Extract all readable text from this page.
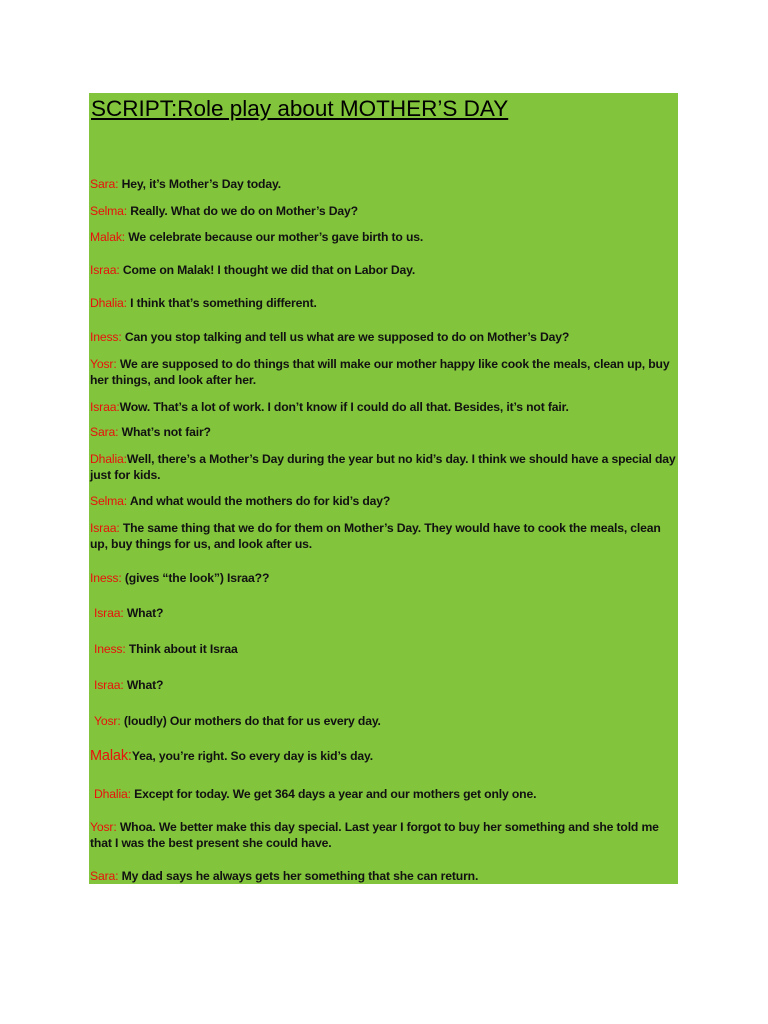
SCRIPT:Role play about MOTHER’S DAY
Sara: Hey, it’s Mother’s Day today.
Selma: Really. What do we do on Mother’s Day?
Malak: We celebrate because our mother’s gave birth to us.
Israa: Come on Malak! I thought we did that on Labor Day.
Dhalia: I think that’s something different.
Iness: Can you stop talking and tell us what are we supposed to do on Mother’s Day?
Yosr: We are supposed to do things that will make our mother happy like cook the meals, clean up, buy her things, and look after her.
Israa:Wow. That’s a lot of work. I don’t know if I could do all that. Besides, it’s not fair.
Sara: What’s not fair?
Dhalia:Well, there’s a Mother’s Day during the year but no kid’s day. I think we should have a special day just for kids.
Selma: And what would the mothers do for kid’s day?
Israa: The same thing that we do for them on Mother’s Day. They would have to cook the meals, clean up, buy things for us, and look after us.
Iness: (gives “the look”) Israa??
Israa: What?
Iness: Think about it Israa
Israa: What?
Yosr: (loudly) Our mothers do that for us every day.
Malak:Yea, you’re right. So every day is kid’s day.
Dhalia: Except for today. We get 364 days a year and our mothers get only one.
Yosr: Whoa. We better make this day special. Last year I forgot to buy her something and she told me that I was the best present she could have.
Sara: My dad says he always gets her something that she can return.
